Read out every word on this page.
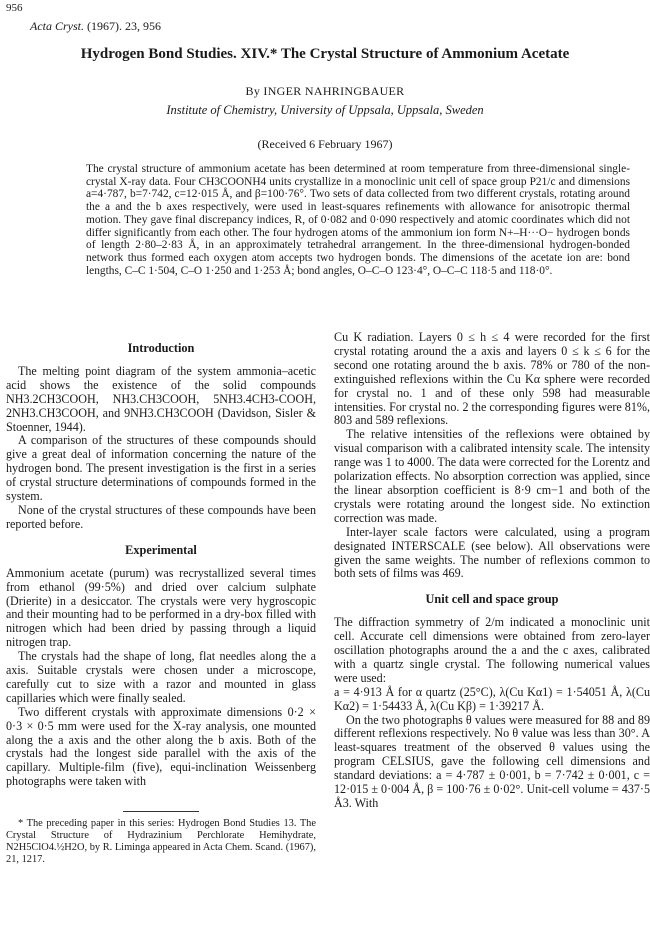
956
Acta Cryst. (1967). 23, 956
Hydrogen Bond Studies. XIV.* The Crystal Structure of Ammonium Acetate
By INGER NAHRINGBAUER
Institute of Chemistry, University of Uppsala, Uppsala, Sweden
(Received 6 February 1967)
The crystal structure of ammonium acetate has been determined at room temperature from three-dimensional single-crystal X-ray data. Four CH3COONH4 units crystallize in a monoclinic unit cell of space group P21/c and dimensions a=4·787, b=7·742, c=12·015 Å, and β=100·76°. Two sets of data collected from two different crystals, rotating around the a and the b axes respectively, were used in least-squares refinements with allowance for anisotropic thermal motion. They gave final discrepancy indices, R, of 0·082 and 0·090 respectively and atomic coordinates which did not differ significantly from each other. The four hydrogen atoms of the ammonium ion form N+–H···O− hydrogen bonds of length 2·80–2·83 Å, in an approximately tetrahedral arrangement. In the three-dimensional hydrogen-bonded network thus formed each oxygen atom accepts two hydrogen bonds. The dimensions of the acetate ion are: bond lengths, C–C 1·504, C–O 1·250 and 1·253 Å; bond angles, O–C–O 123·4°, O–C–C 118·5 and 118·0°.
Introduction

The melting point diagram of the system ammonia–acetic acid shows the existence of the solid compounds NH3.2CH3COOH, NH3.CH3COOH, 5NH3.4CH3-COOH, 2NH3.CH3COOH, and 9NH3.CH3COOH (Davidson, Sisler & Stoenner, 1944).

A comparison of the structures of these compounds should give a great deal of information concerning the nature of the hydrogen bond. The present investigation is the first in a series of crystal structure determinations of compounds formed in the system.

None of the crystal structures of these compounds have been reported before.

Experimental

Ammonium acetate (purum) was recrystallized several times from ethanol (99·5%) and dried over calcium sulphate (Drierite) in a desiccator. The crystals were very hygroscopic and their mounting had to be performed in a dry-box filled with nitrogen which had been dried by passing through a liquid nitrogen trap.

The crystals had the shape of long, flat needles along the a axis. Suitable crystals were chosen under a microscope, carefully cut to size with a razor and mounted in glass capillaries which were finally sealed.

Two different crystals with approximate dimensions 0·2 × 0·3 × 0·5 mm were used for the X-ray analysis, one mounted along the a axis and the other along the b axis. Both of the crystals had the longest side parallel with the axis of the capillary. Multiple-film (five), equi-inclination Weissenberg photographs were taken with

* The preceding paper in this series: Hydrogen Bond Studies 13. The Crystal Structure of Hydrazinium Perchlorate Hemihydrate, N2H5ClO4.½H2O, by R. Liminga appeared in Acta Chem. Scand. (1967), 21, 1217.

Cu K radiation. Layers 0 ≤ h ≤ 4 were recorded for the first crystal rotating around the a axis and layers 0 ≤ k ≤ 6 for the second one rotating around the b axis. 78% or 780 of the non-extinguished reflexions within the Cu Kα sphere were recorded for crystal no. 1 and of these only 598 had measurable intensities. For crystal no. 2 the corresponding figures were 81%, 803 and 589 reflexions.

The relative intensities of the reflexions were obtained by visual comparison with a calibrated intensity scale. The intensity range was 1 to 4000. The data were corrected for the Lorentz and polarization effects. No absorption correction was applied, since the linear absorption coefficient is 8·9 cm−1 and both of the crystals were rotating around the longest side. No extinction correction was made.

Inter-layer scale factors were calculated, using a program designated INTERSCALE (see below). All observations were given the same weights. The number of reflexions common to both sets of films was 469.

Unit cell and space group

The diffraction symmetry of 2/m indicated a monoclinic unit cell. Accurate cell dimensions were obtained from zero-layer oscillation photographs around the a and the c axes, calibrated with a quartz single crystal. The following numerical values were used:

a = 4·913 Å for α quartz (25°C), λ(Cu Kα1) = 1·54051 Å, λ(Cu Kα2) = 1·54433 Å, λ(Cu Kβ) = 1·39217 Å.

On the two photographs θ values were measured for 88 and 89 different reflexions respectively. No θ value was less than 30°. A least-squares treatment of the observed θ values using the program CELSIUS, gave the following cell dimensions and standard deviations: a = 4·787 ± 0·001, b = 7·742 ± 0·001, c = 12·015 ± 0·004 Å, β = 100·76 ± 0·02°. Unit-cell volume = 437·5 Å3. With
